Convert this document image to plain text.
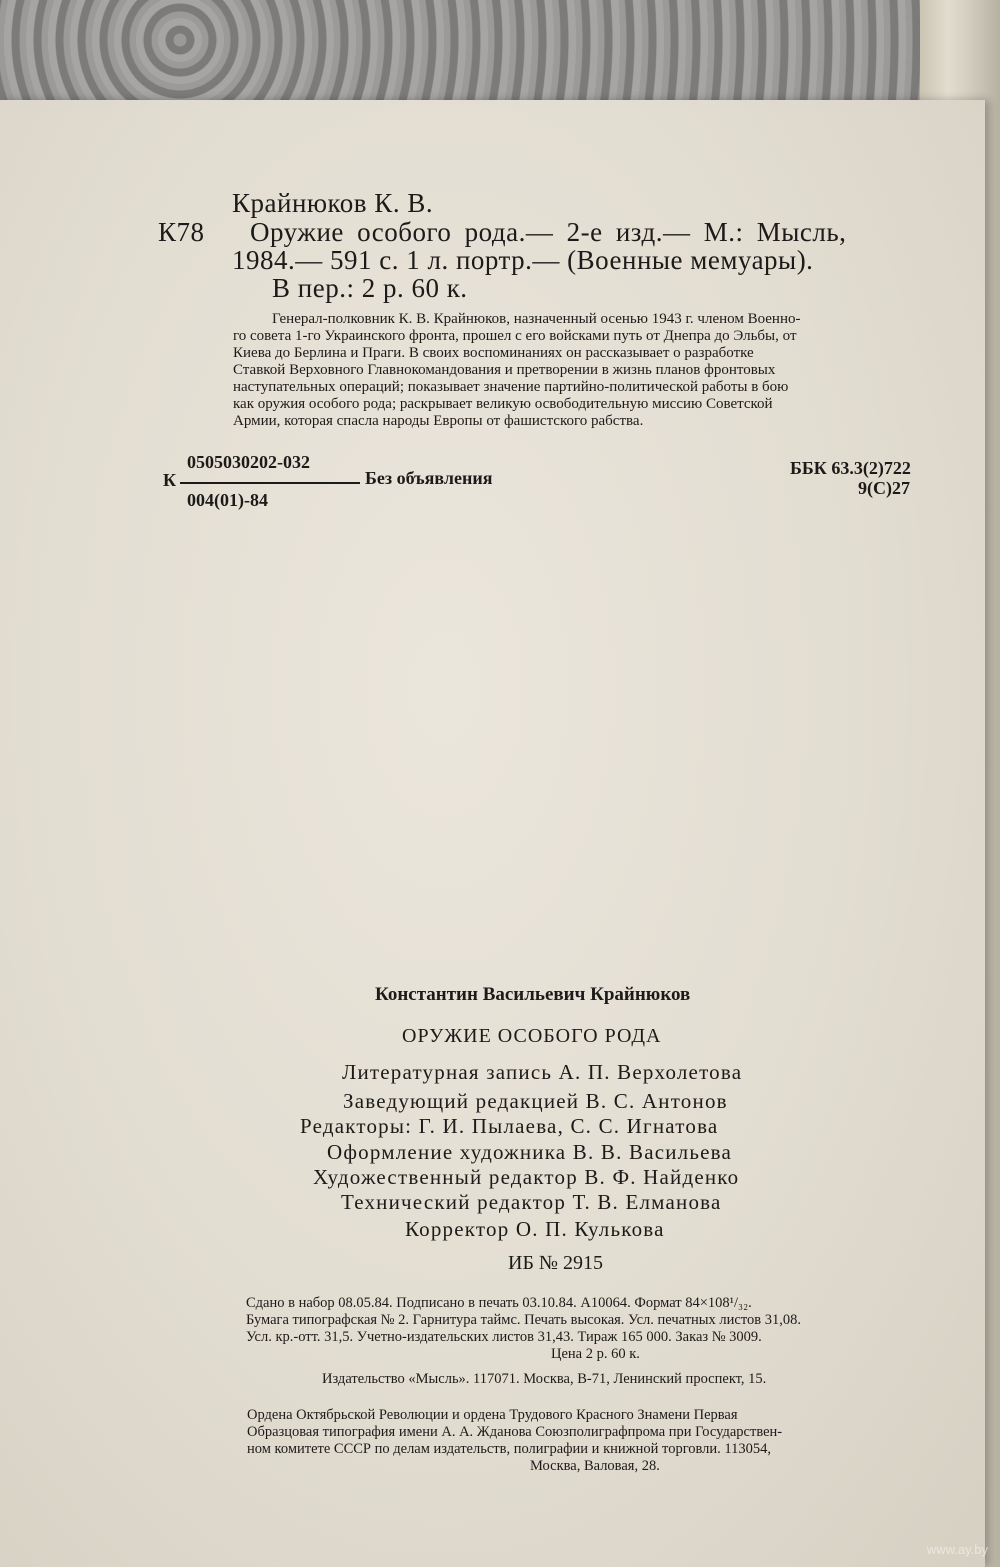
Крайнюков К. В.
К78 Оружие особого рода.— 2-е изд.— М.: Мысль,
1984.— 591 с. 1 л. портр.— (Военные мемуары).
В пер.: 2 р. 60 к.
Генерал-полковник К. В. Крайнюков, назначенный осенью 1943 г. членом Военно-
го совета 1-го Украинского фронта, прошел с его войсками путь от Днепра до Эльбы, от
Киева до Берлина и Праги. В своих воспоминаниях он рассказывает о разработке
Ставкой Верховного Главнокомандования и претворении в жизнь планов фронтовых
наступательных операций; показывает значение партийно-политической работы в бою
как оружия особого рода; раскрывает великую освободительную миссию Советской
Армии, которая спасла народы Европы от фашистского рабства.
0505030202-032
К	Без объявления
004(01)-84
ББК 63.3(2)722
9(С)27
Константин Васильевич Крайнюков
ОРУЖИЕ ОСОБОГО РОДА
Литературная запись А. П. Верхолетова
Заведующий редакцией В. С. Антонов
Редакторы: Г. И. Пылаева, С. С. Игнатова
Оформление художника В. В. Васильева
Художественный редактор В. Ф. Найденко
Технический редактор Т. В. Елманова
Корректор О. П. Кулькова
ИБ № 2915
Сдано в набор 08.05.84. Подписано в печать 03.10.84. А10064. Формат 84×108¹/₃₂.
Бумага типографская № 2. Гарнитура таймс. Печать высокая. Усл. печатных листов 31,08.
Усл. кр.-отт. 31,5. Учетно-издательских листов 31,43. Тираж 165 000. Заказ № 3009.
Цена 2 р. 60 к.
Издательство «Мысль». 117071. Москва, В-71, Ленинский проспект, 15.
Ордена Октябрьской Революции и ордена Трудового Красного Знамени Первая
Образцовая типография имени А. А. Жданова Союзполиграфпрома при Государствен-
ном комитете СССР по делам издательств, полиграфии и книжной торговли. 113054,
Москва, Валовая, 28.
www.ay.by
